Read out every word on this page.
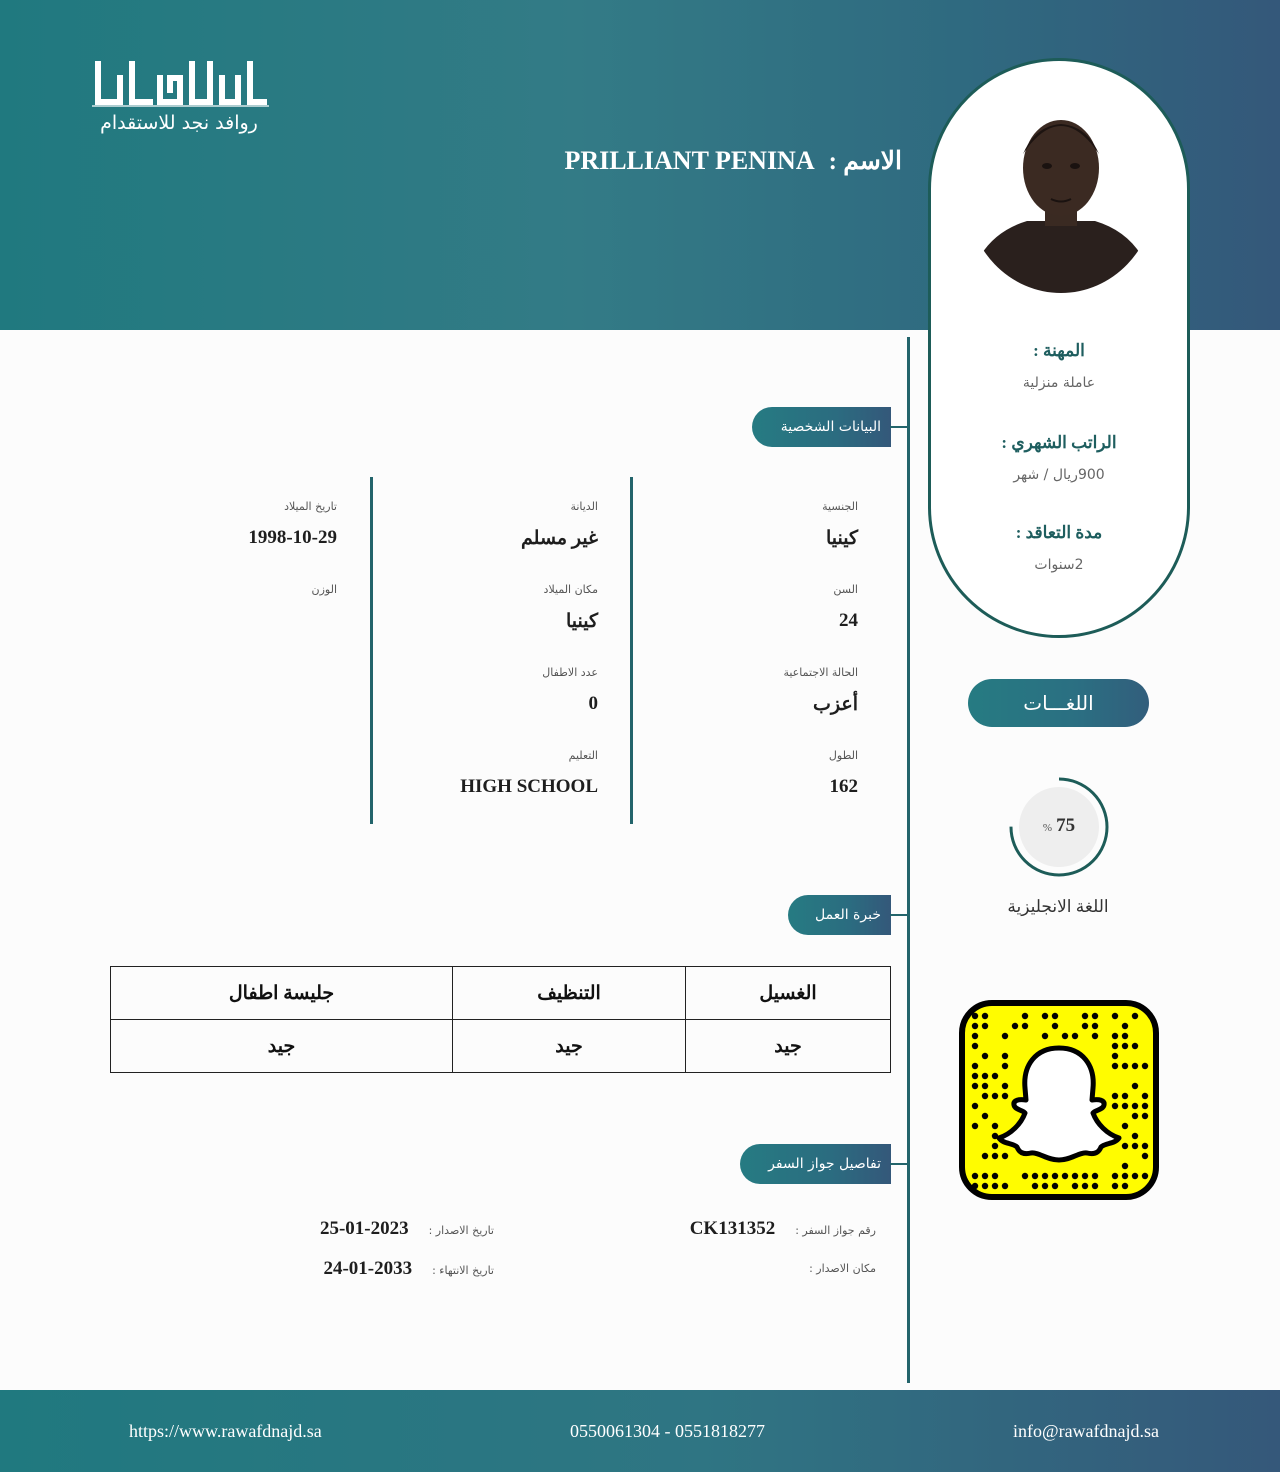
روافد نجد للاستقدام
الاسم :PRILLIANT PENINA
المهنة :
عاملة منزلية
الراتب الشهري :
900ريال / شهر
مدة التعاقد :
2سنوات
البيانات الشخصية
خبرة العمل
تفاصيل جواز السفر
الجنسية
كينيا
السن
24
الحالة الاجتماعية
أعزب
الطول
162
الديانة
غير مسلم
مكان الميلاد
كينيا
عدد الاطفال
0
التعليم
HIGH SCHOOL
تاريخ الميلاد
1998-10-29
الوزن
الغسيل	التنظيف	جليسة اطفال
جيد	جيد	جيد
رقم جواز السفر :CK131352
مكان الاصدار :
تاريخ الاصدار :2023-01-25
تاريخ الانتهاء :2033-01-24
اللغـــات
% 75
اللغة الانجليزية
https://www.rawafdnajd.sa	0550061304 - 0551818277	info@rawafdnajd.sa
